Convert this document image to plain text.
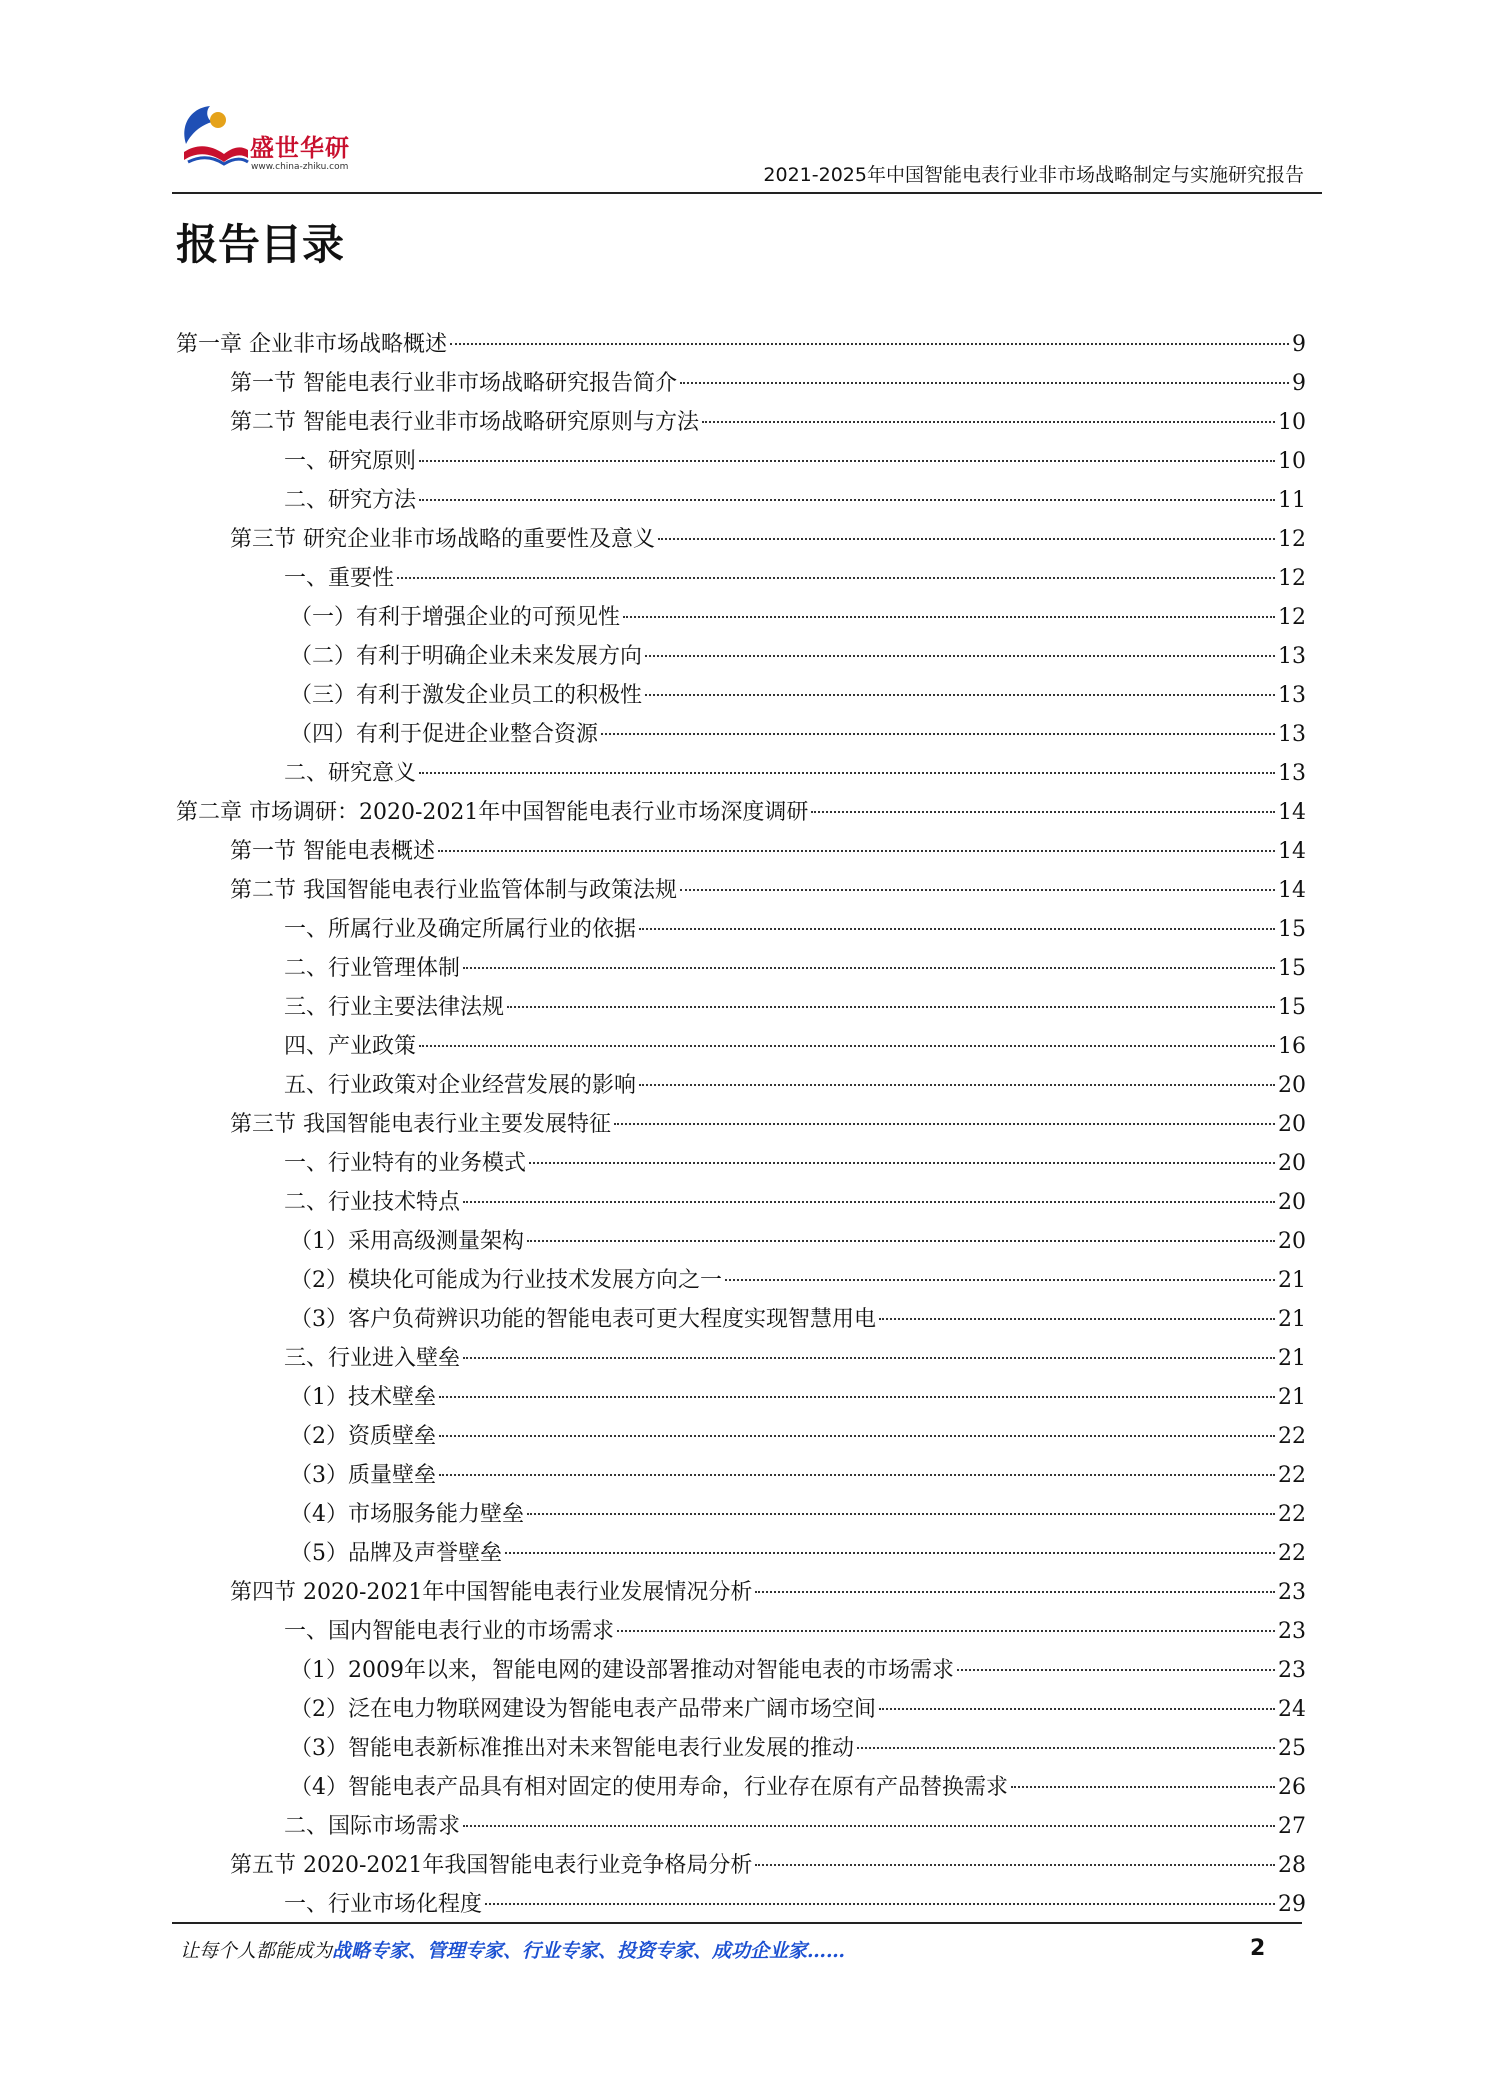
盛世华研
www.china-zhiku.com	2021-2025年中国智能电表行业非市场战略制定与实施研究报告
报告目录
第一章 企业非市场战略概述	9
第一节 智能电表行业非市场战略研究报告简介	9
第二节 智能电表行业非市场战略研究原则与方法	10
一、研究原则	10
二、研究方法	11
第三节 研究企业非市场战略的重要性及意义	12
一、重要性	12
（一）有利于增强企业的可预见性	12
（二）有利于明确企业未来发展方向	13
（三）有利于激发企业员工的积极性	13
（四）有利于促进企业整合资源	13
二、研究意义	13
第二章 市场调研：2020-2021年中国智能电表行业市场深度调研	14
第一节 智能电表概述	14
第二节 我国智能电表行业监管体制与政策法规	14
一、所属行业及确定所属行业的依据	15
二、行业管理体制	15
三、行业主要法律法规	15
四、产业政策	16
五、行业政策对企业经营发展的影响	20
第三节 我国智能电表行业主要发展特征	20
一、行业特有的业务模式	20
二、行业技术特点	20
（1）采用高级测量架构	20
（2）模块化可能成为行业技术发展方向之一	21
（3）客户负荷辨识功能的智能电表可更大程度实现智慧用电	21
三、行业进入壁垒	21
（1）技术壁垒	21
（2）资质壁垒	22
（3）质量壁垒	22
（4）市场服务能力壁垒	22
（5）品牌及声誉壁垒	22
第四节 2020-2021年中国智能电表行业发展情况分析	23
一、国内智能电表行业的市场需求	23
（1）2009年以来，智能电网的建设部署推动对智能电表的市场需求	23
（2）泛在电力物联网建设为智能电表产品带来广阔市场空间	24
（3）智能电表新标准推出对未来智能电表行业发展的推动	25
（4）智能电表产品具有相对固定的使用寿命，行业存在原有产品替换需求	26
二、国际市场需求	27
第五节 2020-2021年我国智能电表行业竞争格局分析	28
一、行业市场化程度	29
让每个人都能成为战略专家、管理专家、行业专家、投资专家、成功企业家……	2
